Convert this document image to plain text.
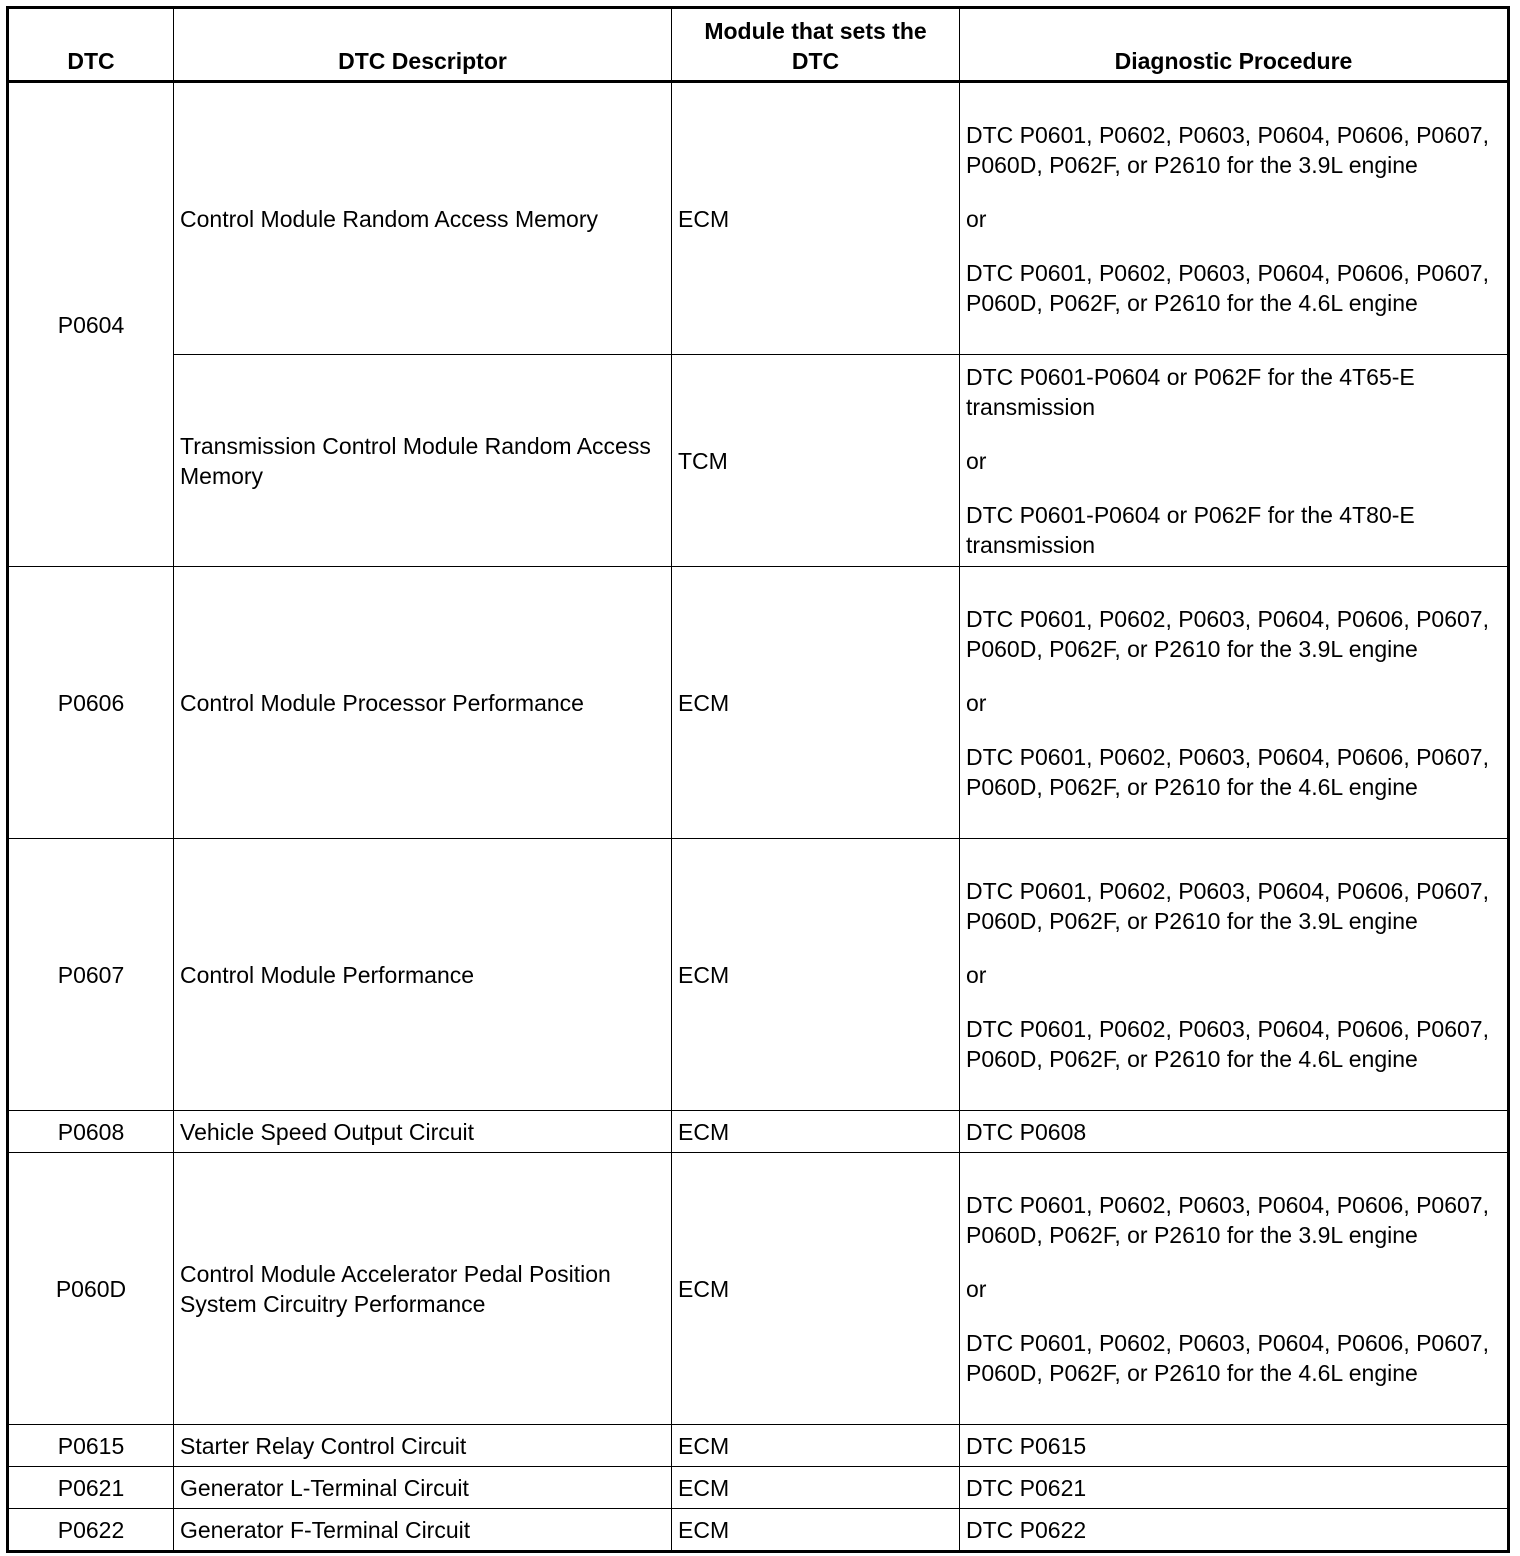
DTC	DTC Descriptor	Module that sets the DTC	Diagnostic Procedure
P0604	Control Module Random Access Memory	ECM	DTC P0601, P0602, P0603, P0604, P0606, P0607, P060D, P062F, or P2610 for the 3.9L engine

or

DTC P0601, P0602, P0603, P0604, P0606, P0607, P060D, P062F, or P2610 for the 4.6L engine

	Transmission Control Module Random Access Memory	TCM	DTC P0601-P0604 or P062F for the 4T65-E transmission

or

DTC P0601-P0604 or P062F for the 4T80-E transmission

P0606	Control Module Processor Performance	ECM	DTC P0601, P0602, P0603, P0604, P0606, P0607, P060D, P062F, or P2610 for the 3.9L engine

or

DTC P0601, P0602, P0603, P0604, P0606, P0607, P060D, P062F, or P2610 for the 4.6L engine

P0607	Control Module Performance	ECM	DTC P0601, P0602, P0603, P0604, P0606, P0607, P060D, P062F, or P2610 for the 3.9L engine

or

DTC P0601, P0602, P0603, P0604, P0606, P0607, P060D, P062F, or P2610 for the 4.6L engine

P0608	Vehicle Speed Output Circuit	ECM	DTC P0608
P060D	Control Module Accelerator Pedal Position System Circuitry Performance	ECM	DTC P0601, P0602, P0603, P0604, P0606, P0607, P060D, P062F, or P2610 for the 3.9L engine

or

DTC P0601, P0602, P0603, P0604, P0606, P0607, P060D, P062F, or P2610 for the 4.6L engine

P0615	Starter Relay Control Circuit	ECM	DTC P0615
P0621	Generator L-Terminal Circuit	ECM	DTC P0621
P0622	Generator F-Terminal Circuit	ECM	DTC P0622
